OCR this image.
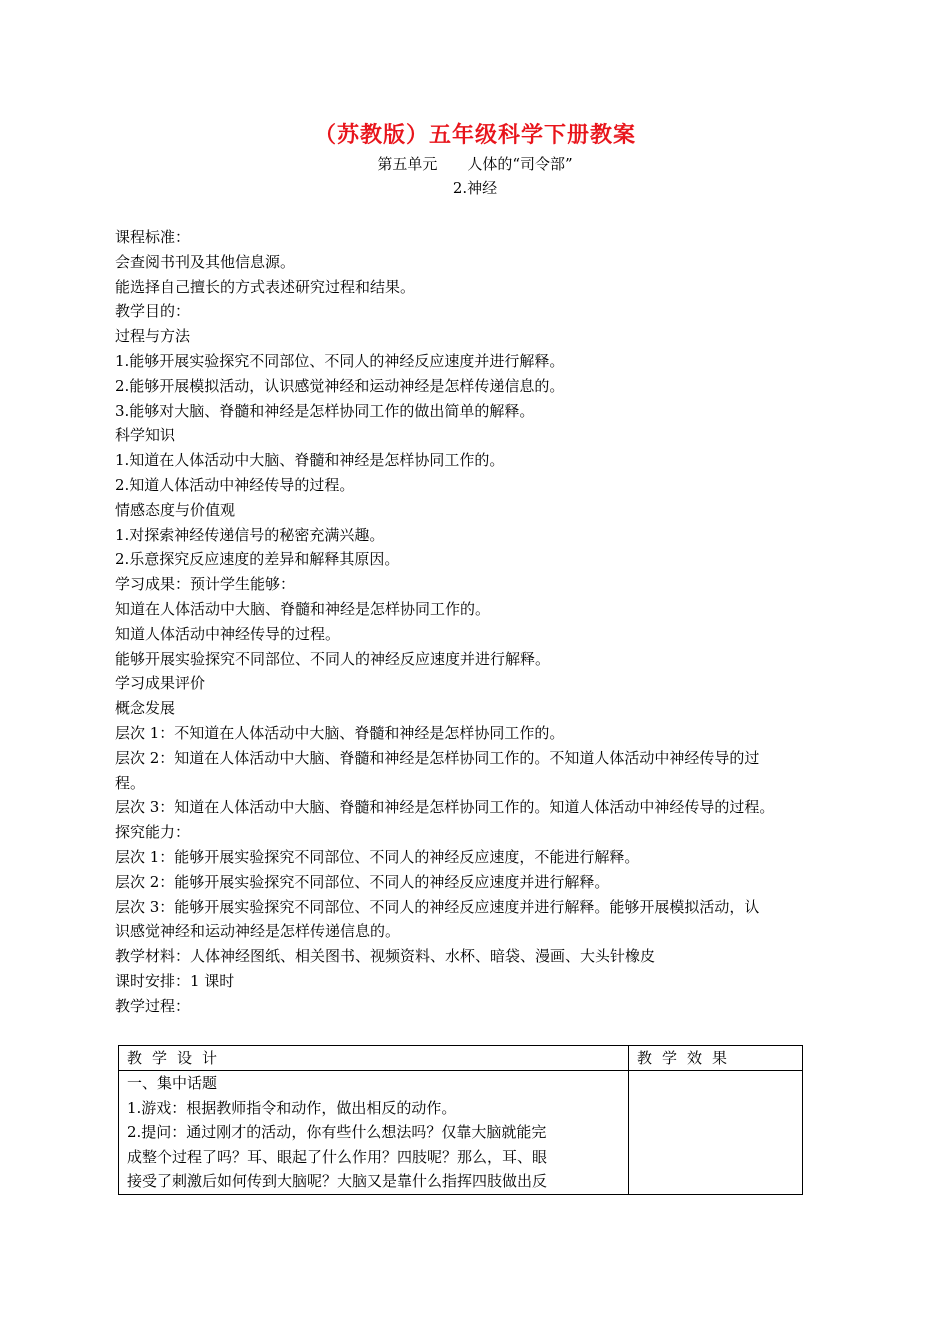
（苏教版）五年级科学下册教案
第五单元 人体的“司令部”
2.神经

课程标准：

会查阅书刊及其他信息源。

能选择自己擅长的方式表述研究过程和结果。

教学目的：

过程与方法

1.能够开展实验探究不同部位、不同人的神经反应速度并进行解释。

2.能够开展模拟活动，认识感觉神经和运动神经是怎样传递信息的。

3.能够对大脑、脊髓和神经是怎样协同工作的做出简单的解释。

科学知识

1.知道在人体活动中大脑、脊髓和神经是怎样协同工作的。

2.知道人体活动中神经传导的过程。

情感态度与价值观

1.对探索神经传递信号的秘密充满兴趣。

2.乐意探究反应速度的差异和解释其原因。

学习成果：预计学生能够：

知道在人体活动中大脑、脊髓和神经是怎样协同工作的。

知道人体活动中神经传导的过程。

能够开展实验探究不同部位、不同人的神经反应速度并进行解释。

学习成果评价

概念发展

层次 1：不知道在人体活动中大脑、脊髓和神经是怎样协同工作的。

层次 2：知道在人体活动中大脑、脊髓和神经是怎样协同工作的。不知道人体活动中神经传导的过

程。

层次 3：知道在人体活动中大脑、脊髓和神经是怎样协同工作的。知道人体活动中神经传导的过程。

探究能力：

层次 1：能够开展实验探究不同部位、不同人的神经反应速度，不能进行解释。

层次 2：能够开展实验探究不同部位、不同人的神经反应速度并进行解释。

层次 3：能够开展实验探究不同部位、不同人的神经反应速度并进行解释。能够开展模拟活动，认

识感觉神经和运动神经是怎样传递信息的。

教学材料：人体神经图纸、相关图书、视频资料、水杯、暗袋、漫画、大头针橡皮

课时安排：1 课时

教学过程：

教学设计	教学效果

一、集中话题

1.游戏：根据教师指令和动作，做出相反的动作。

2.提问：通过刚才的活动，你有些什么想法吗？仅靠大脑就能完

成整个过程了吗？耳、眼起了什么作用？四肢呢？那么，耳、眼

接受了刺激后如何传到大脑呢？大脑又是靠什么指挥四肢做出反	
